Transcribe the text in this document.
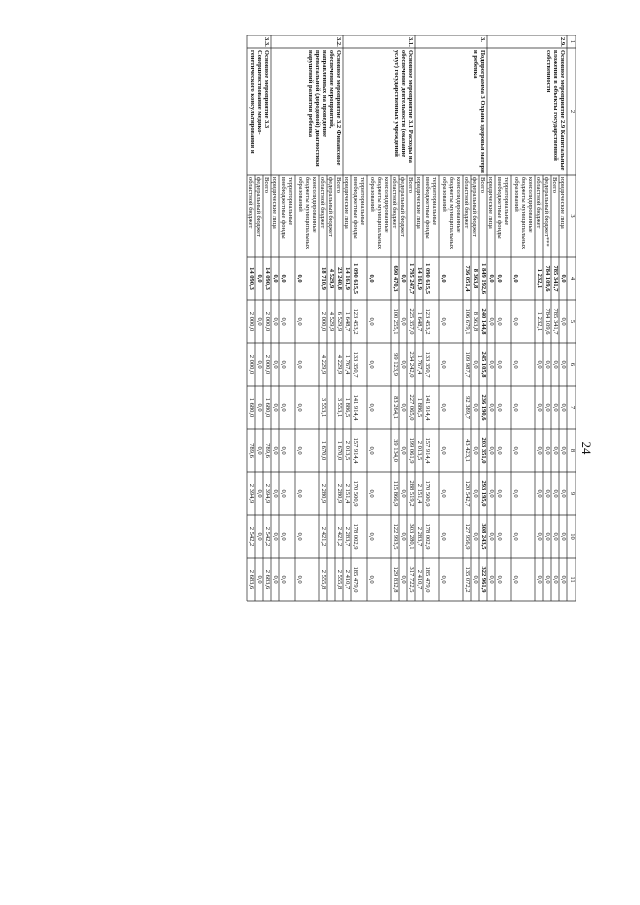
24
1
2
3
4
5
6
7
8
9
10
11
юридические лица
0,0
0,0
0,0
0,0
0,0
0,0
0,0
0,0
Всего
785 341,7
785 341,7
0,0
0,0
0,0
0,0
0,0
0,0
федеральный бюджет***
784 109,6
784 109,6
0,0
0,0
0,0
0,0
0,0
0,0
областной бюджет
1 232,1
1 232,1
0,0
0,0
0,0
0,0
0,0
0,0
консолидированные бюджеты муниципальных образований
0,0
0,0
0,0
0,0
0,0
0,0
0,0
0,0
территориальные внебюджетные фонды
0,0
0,0
0,0
0,0
0,0
0,0
0,0
0,0
юридические лица
0,0
0,0
0,0
0,0
0,0
0,0
0,0
0,0
2.9.
Основное мероприятие 2.9 Капитальные вложения в объекты государственной собственности
Всего
1 849 192,6
240 144,8
245 105,8
236 190,6
203 351,0
293 195,0
308 243,5
322 961,9
федеральный бюджет
8 363,8
8 363,8
0,0
0,0
0,0
0,0
0,0
0,0
областной бюджет
736 051,4
106 679,1
109 987,7
92 389,7
43 423,1
120 542,7
127 956,9
135 072,2
консолидированные бюджеты муниципальных образований
0,0
0,0
0,0
0,0
0,0
0,0
0,0
0,0
территориальные внебюджетные фонды
1 090 615,5
123 453,2
133 350,7
141 914,4
157 914,4
170 500,9
178 002,9
185 479,0
юридические лица
14 161,9
1 648,7
1 767,4
1 886,5
2 013,5
2 151,4
2 283,7
2 410,7
3.
Подпрограмма 3 Охрана здоровья матери и ребенка
Всего
1 795 247,7
225 357,0
234 242,0
227 065,0
199 061,9
288 519,2
303 280,1
317 722,5
федеральный бюджет
0,0
0,0
0,0
0,0
0,0
0,0
0,0
0,0
областной бюджет
690 470,3
100 255,1
99 123,9
83 264,1
39 134,0
115 866,9
122 993,5
129 832,8
консолидированные бюджеты муниципальных образований
0,0
0,0
0,0
0,0
0,0
0,0
0,0
0,0
территориальные внебюджетные фонды
1 090 615,5
123 453,2
133 350,7
141 914,4
157 914,4
170 500,9
178 002,9
185 479,0
юридические лица
14 161,9
1 648,7
1 767,4
1 886,5
2 013,5
2 151,4
2 283,7
2 410,7
3.1.
Основное мероприятие 3.1 Расходы на обеспечение деятельности (оказание услуг) государственных учреждений
Всего
23 240,8
6 529,9
4 229,9
3 553,1
1 670,0
2 280,9
2 421,2
2 555,8
федеральный бюджет
4 529,9
4 529,9
областной бюджет
18 710,9
2 000,0
4 229,9
3 553,1
1 670,0
2 280,9
2 421,2
2 555,8
консолидированные бюджеты муниципальных образований
0,0
0,0
0,0
0,0
0,0
0,0
0,0
0,0
территориальные внебюджетные фонды
0,0
0,0
0,0
0,0
0,0
0,0
0,0
0,0
юридические лица
0,0
0,0
0,0
0,0
0,0
0,0
0,0
0,0
3.2.
Основное мероприятие 3.2 Финансовое обеспечение мероприятий, направленных на проведение пренатальной (дородовой) диагностики нарушений развития ребенка
Всего
14 090,3
2 000,0
2 000,0
1 680,0
789,6
2 394,9
2 542,2
2 683,6
федеральный бюджет
0,0
0,0
0,0
0,0
0,0
0,0
0,0
0,0
областной бюджет
14 090,3
2 000,0
2 000,0
1 680,0
789,6
2 394,9
2 542,2
2 683,6
3.3.
Основное мероприятие 3.3 Совершенствование медико-генетического консультирования и
